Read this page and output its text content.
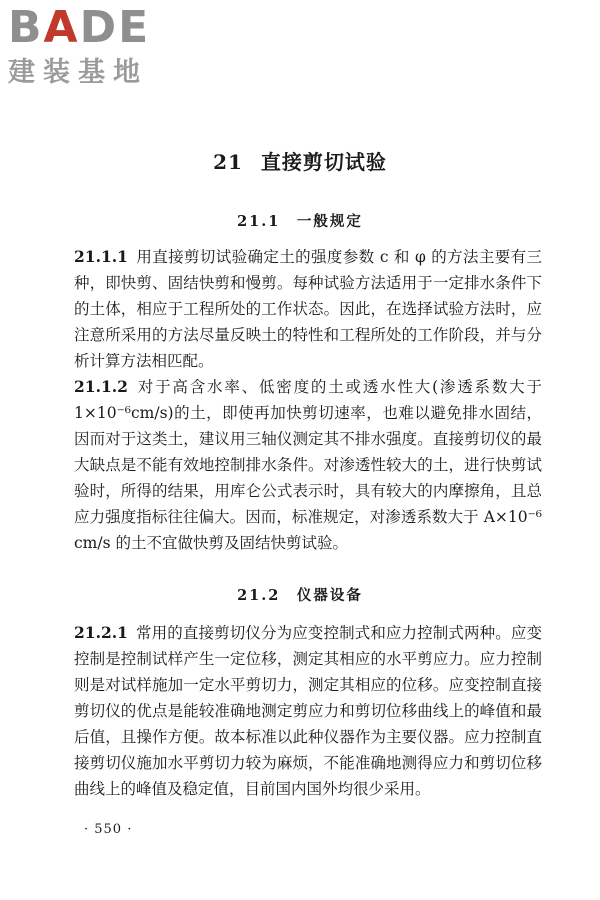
BADE
建装基地
21 直接剪切试验
21.1　一般规定

21.1.1 用直接剪切试验确定土的强度参数 c 和 φ 的方法主要有三种，即快剪、固结快剪和慢剪。每种试验方法适用于一定排水条件下的土体，相应于工程所处的工作状态。因此，在选择试验方法时，应注意所采用的方法尽量反映土的特性和工程所处的工作阶段，并与分析计算方法相匹配。

21.1.2 对于高含水率、低密度的土或透水性大(渗透系数大于1×10⁻⁶cm/s)的土，即使再加快剪切速率，也难以避免排水固结，因而对于这类土，建议用三轴仪测定其不排水强度。直接剪切仪的最大缺点是不能有效地控制排水条件。对渗透性较大的土，进行快剪试验时，所得的结果，用库仑公式表示时，具有较大的内摩擦角，且总应力强度指标往往偏大。因而，标准规定，对渗透系数大于 A×10⁻⁶ cm/s 的土不宜做快剪及固结快剪试验。

21.2　仪器设备

21.2.1 常用的直接剪切仪分为应变控制式和应力控制式两种。应变控制是控制试样产生一定位移，测定其相应的水平剪应力。应力控制则是对试样施加一定水平剪切力，测定其相应的位移。应变控制直接剪切仪的优点是能较准确地测定剪应力和剪切位移曲线上的峰值和最后值，且操作方便。故本标准以此种仪器作为主要仪器。应力控制直接剪切仪施加水平剪切力较为麻烦，不能准确地测得应力和剪切位移曲线上的峰值及稳定值，目前国内国外均很少采用。

· 550 ·
